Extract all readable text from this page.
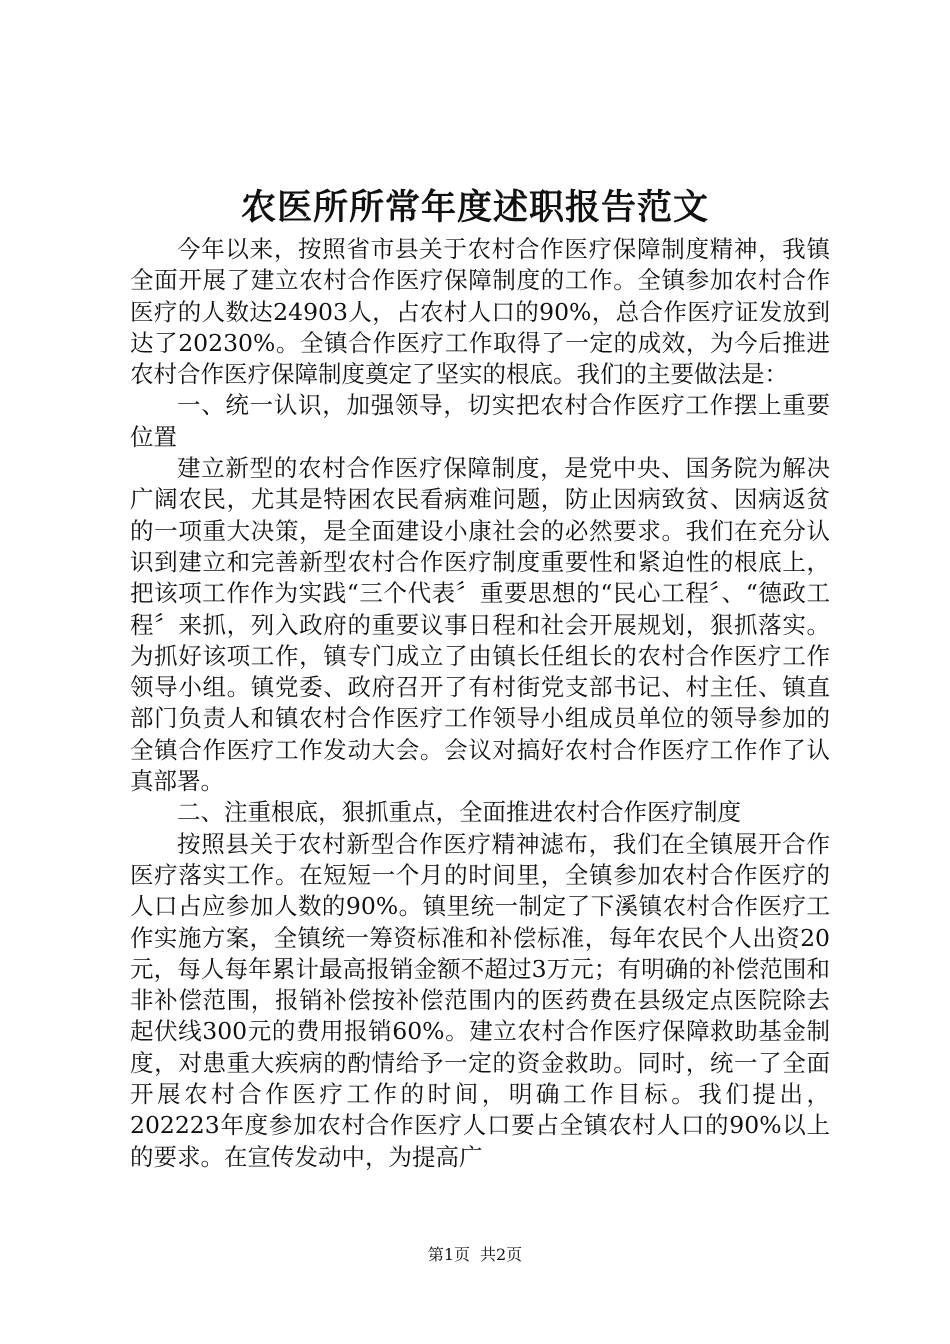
农医所所常年度述职报告范文

今年以来，按照省市县关于农村合作医疗保障制度精神，我镇全面开展了建立农村合作医疗保障制度的工作。全镇参加农村合作医疗的人数达24903人，占农村人口的90%，总合作医疗证发放到达了20230%。全镇合作医疗工作取得了一定的成效，为今后推进农村合作医疗保障制度奠定了坚实的根底。我们的主要做法是：

一、统一认识，加强领导，切实把农村合作医疗工作摆上重要位置

建立新型的农村合作医疗保障制度，是党中央、国务院为解决广阔农民，尤其是特困农民看病难问题，防止因病致贫、因病返贫的一项重大决策，是全面建设小康社会的必然要求。我们在充分认识到建立和完善新型农村合作医疗制度重要性和紧迫性的根底上，把该项工作作为实践“三个代表〞重要思想的“民心工程〞、“德政工程〞来抓，列入政府的重要议事日程和社会开展规划，狠抓落实。为抓好该项工作，镇专门成立了由镇长任组长的农村合作医疗工作领导小组。镇党委、政府召开了有村街党支部书记、村主任、镇直部门负责人和镇农村合作医疗工作领导小组成员单位的领导参加的全镇合作医疗工作发动大会。会议对搞好农村合作医疗工作作了认真部署。

二、注重根底，狠抓重点，全面推进农村合作医疗制度

按照县关于农村新型合作医疗精神滤布，我们在全镇展开合作医疗落实工作。在短短一个月的时间里，全镇参加农村合作医疗的人口占应参加人数的90%。镇里统一制定了下溪镇农村合作医疗工作实施方案，全镇统一筹资标准和补偿标准，每年农民个人出资20元，每人每年累计最高报销金额不超过3万元；有明确的补偿范围和非补偿范围，报销补偿按补偿范围内的医药费在县级定点医院除去起伏线300元的费用报销60%。建立农村合作医疗保障救助基金制度，对患重大疾病的酌情给予一定的资金救助。同时，统一了全面开展农村合作医疗工作的时间，明确工作目标。我们提出，202223年度参加农村合作医疗人口要占全镇农村人口的90%以上的要求。在宣传发动中，为提高广

第1页 共2页
